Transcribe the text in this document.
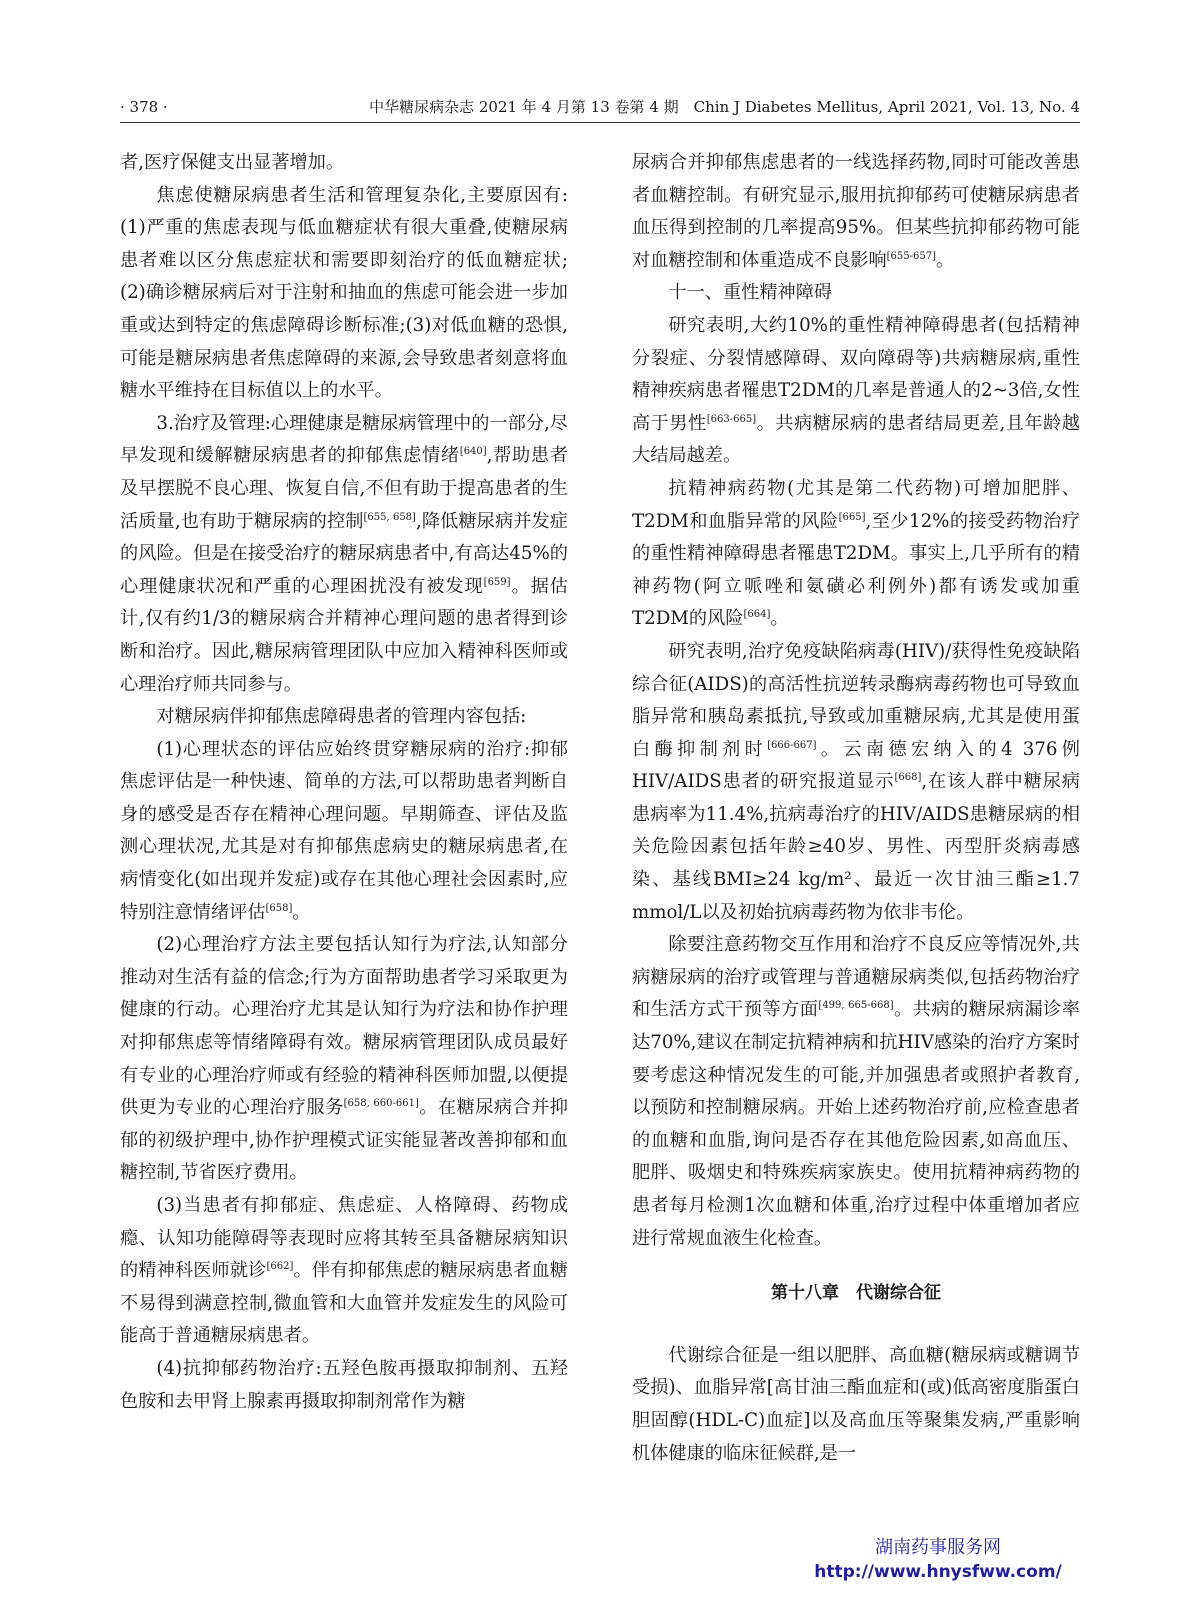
· 378 ·	中华糖尿病杂志 2021 年 4 月第 13 卷第 4 期　Chin J Diabetes Mellitus, April 2021, Vol. 13, No. 4

者,医疗保健支出显著增加。

焦虑使糖尿病患者生活和管理复杂化,主要原因有:(1)严重的焦虑表现与低血糖症状有很大重叠,使糖尿病患者难以区分焦虑症状和需要即刻治疗的低血糖症状;(2)确诊糖尿病后对于注射和抽血的焦虑可能会进一步加重或达到特定的焦虑障碍诊断标准;(3)对低血糖的恐惧,可能是糖尿病患者焦虑障碍的来源,会导致患者刻意将血糖水平维持在目标值以上的水平。

3.治疗及管理:心理健康是糖尿病管理中的一部分,尽早发现和缓解糖尿病患者的抑郁焦虑情绪[640],帮助患者及早摆脱不良心理、恢复自信,不但有助于提高患者的生活质量,也有助于糖尿病的控制[655, 658],降低糖尿病并发症的风险。但是在接受治疗的糖尿病患者中,有高达45%的心理健康状况和严重的心理困扰没有被发现[659]。据估计,仅有约1/3的糖尿病合并精神心理问题的患者得到诊断和治疗。因此,糖尿病管理团队中应加入精神科医师或心理治疗师共同参与。

对糖尿病伴抑郁焦虑障碍患者的管理内容包括:

(1)心理状态的评估应始终贯穿糖尿病的治疗:抑郁焦虑评估是一种快速、简单的方法,可以帮助患者判断自身的感受是否存在精神心理问题。早期筛查、评估及监测心理状况,尤其是对有抑郁焦虑病史的糖尿病患者,在病情变化(如出现并发症)或存在其他心理社会因素时,应特别注意情绪评估[658]。

(2)心理治疗方法主要包括认知行为疗法,认知部分推动对生活有益的信念;行为方面帮助患者学习采取更为健康的行动。心理治疗尤其是认知行为疗法和协作护理对抑郁焦虑等情绪障碍有效。糖尿病管理团队成员最好有专业的心理治疗师或有经验的精神科医师加盟,以便提供更为专业的心理治疗服务[658, 660-661]。在糖尿病合并抑郁的初级护理中,协作护理模式证实能显著改善抑郁和血糖控制,节省医疗费用。

(3)当患者有抑郁症、焦虑症、人格障碍、药物成瘾、认知功能障碍等表现时应将其转至具备糖尿病知识的精神科医师就诊[662]。伴有抑郁焦虑的糖尿病患者血糖不易得到满意控制,微血管和大血管并发症发生的风险可能高于普通糖尿病患者。

(4)抗抑郁药物治疗:五羟色胺再摄取抑制剂、五羟色胺和去甲肾上腺素再摄取抑制剂常作为糖

尿病合并抑郁焦虑患者的一线选择药物,同时可能改善患者血糖控制。有研究显示,服用抗抑郁药可使糖尿病患者血压得到控制的几率提高95%。但某些抗抑郁药物可能对血糖控制和体重造成不良影响[655-657]。

十一、重性精神障碍

研究表明,大约10%的重性精神障碍患者(包括精神分裂症、分裂情感障碍、双向障碍等)共病糖尿病,重性精神疾病患者罹患T2DM的几率是普通人的2~3倍,女性高于男性[663-665]。共病糖尿病的患者结局更差,且年龄越大结局越差。

抗精神病药物(尤其是第二代药物)可增加肥胖、T2DM和血脂异常的风险[665],至少12%的接受药物治疗的重性精神障碍患者罹患T2DM。事实上,几乎所有的精神药物(阿立哌唑和氨磺必利例外)都有诱发或加重T2DM的风险[664]。

研究表明,治疗免疫缺陷病毒(HIV)/获得性免疫缺陷综合征(AIDS)的高活性抗逆转录酶病毒药物也可导致血脂异常和胰岛素抵抗,导致或加重糖尿病,尤其是使用蛋白酶抑制剂时[666-667]。云南德宏纳入的4 376例HIV/AIDS患者的研究报道显示[668],在该人群中糖尿病患病率为11.4%,抗病毒治疗的HIV/AIDS患糖尿病的相关危险因素包括年龄≥40岁、男性、丙型肝炎病毒感染、基线BMI≥24 kg/m²、最近一次甘油三酯≥1.7 mmol/L以及初始抗病毒药物为依非韦伦。

除要注意药物交互作用和治疗不良反应等情况外,共病糖尿病的治疗或管理与普通糖尿病类似,包括药物治疗和生活方式干预等方面[499, 665-668]。共病的糖尿病漏诊率达70%,建议在制定抗精神病和抗HIV感染的治疗方案时要考虑这种情况发生的可能,并加强患者或照护者教育,以预防和控制糖尿病。开始上述药物治疗前,应检查患者的血糖和血脂,询问是否存在其他危险因素,如高血压、肥胖、吸烟史和特殊疾病家族史。使用抗精神病药物的患者每月检测1次血糖和体重,治疗过程中体重增加者应进行常规血液生化检查。

第十八章　代谢综合征

代谢综合征是一组以肥胖、高血糖(糖尿病或糖调节受损)、血脂异常[高甘油三酯血症和(或)低高密度脂蛋白胆固醇(HDL-C)血症]以及高血压等聚集发病,严重影响机体健康的临床征候群,是一

湖南药事服务网
http://www.hnysfww.com/
